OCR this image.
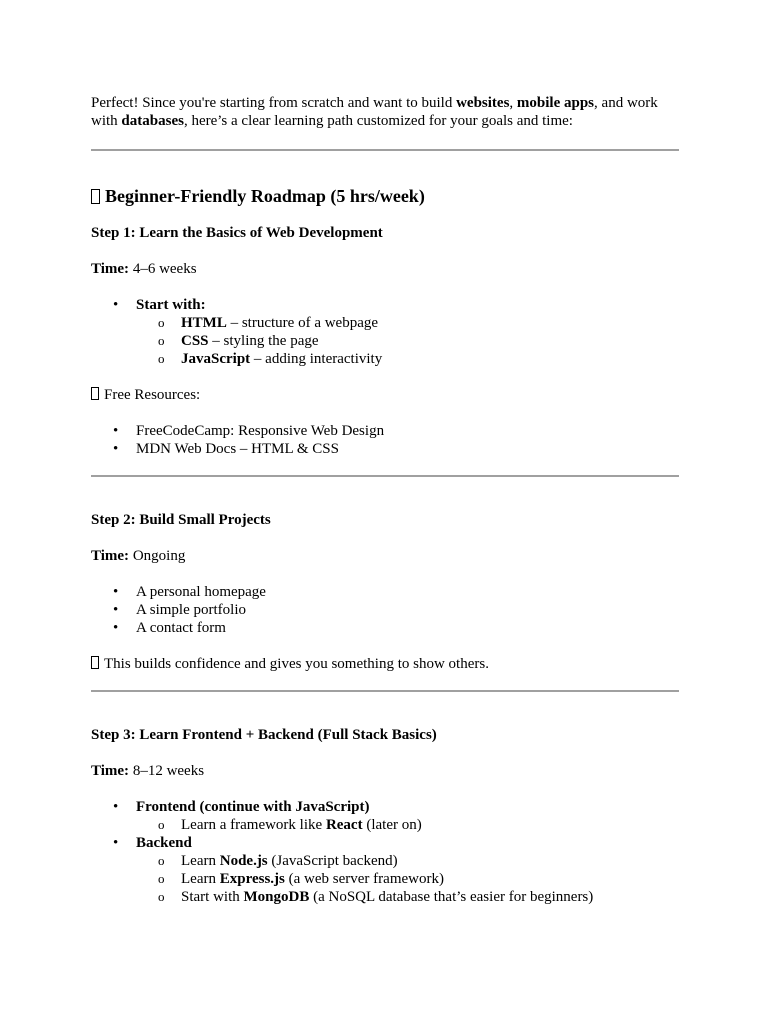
Perfect! Since you're starting from scratch and want to build websites, mobile apps, and work with databases, here’s a clear learning path customized for your goals and time:

Beginner-Friendly Roadmap (5 hrs/week)

Step 1: Learn the Basics of Web Development

Time: 4–6 weeks

• Start with:
o HTML – structure of a webpage
o CSS – styling the page
o JavaScript – adding interactivity

Free Resources:

• FreeCodeCamp: Responsive Web Design
• MDN Web Docs – HTML & CSS

Step 2: Build Small Projects

Time: Ongoing

• A personal homepage
• A simple portfolio
• A contact form

This builds confidence and gives you something to show others.

Step 3: Learn Frontend + Backend (Full Stack Basics)

Time: 8–12 weeks

• Frontend (continue with JavaScript)
o Learn a framework like React (later on)
• Backend
o Learn Node.js (JavaScript backend)
o Learn Express.js (a web server framework)
o Start with MongoDB (a NoSQL database that’s easier for beginners)
